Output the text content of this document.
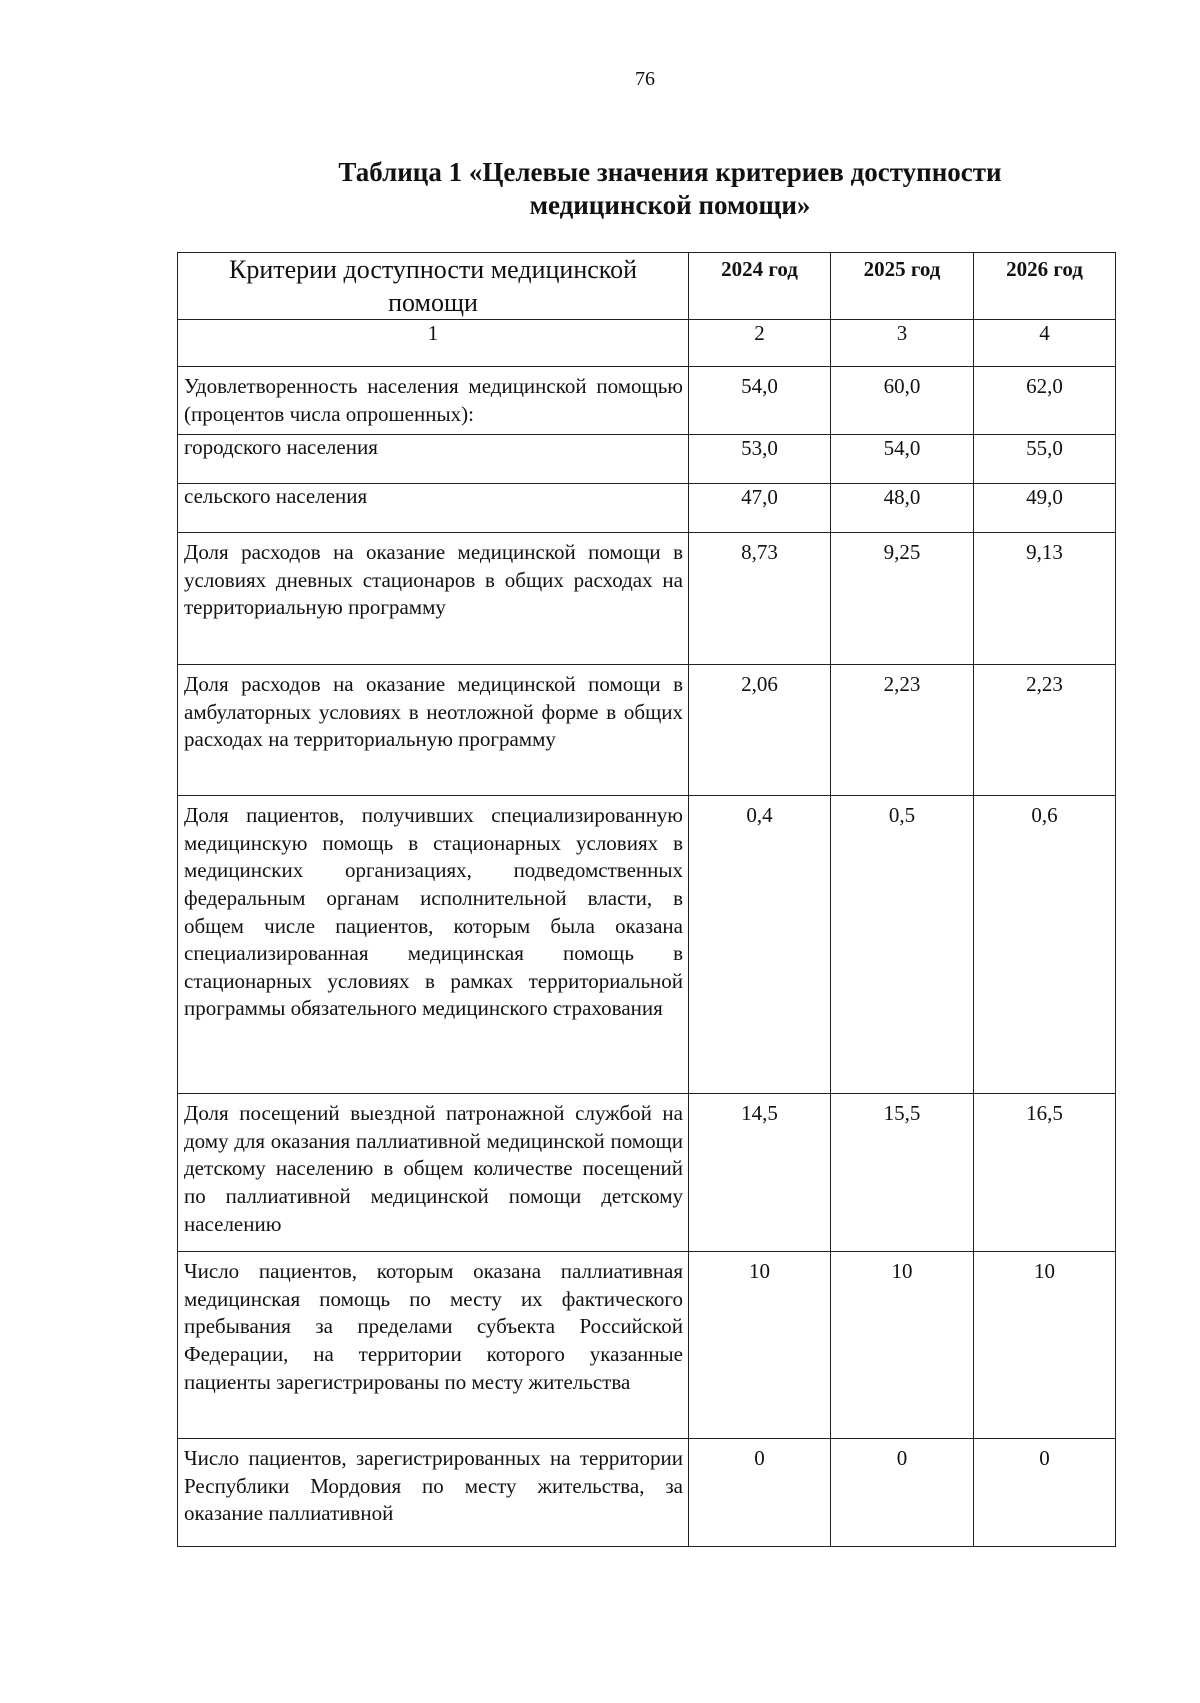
76
Таблица 1 «Целевые значения критериев доступности
медицинской помощи»
Критерии доступности медицинской помощи	2024 год	2025 год	2026 год
1	2	3	4
Удовлетворенность населения медицинской помощью (процентов числа опрошенных):	54,0	60,0	62,0
городского населения	53,0	54,0	55,0
сельского населения	47,0	48,0	49,0
Доля расходов на оказание медицинской помощи в условиях дневных стационаров в общих расходах на территориальную программу	8,73	9,25	9,13
Доля расходов на оказание медицинской помощи в амбулаторных условиях в неотложной форме в общих расходах на территориальную программу	2,06	2,23	2,23
Доля пациентов, получивших специализированную медицинскую помощь в стационарных условиях в медицинских организациях, подведомственных федеральным органам исполнительной власти, в общем числе пациентов, которым была оказана специализированная медицинская помощь в стационарных условиях в рамках территориальной программы обязательного медицинского страхования	0,4	0,5	0,6
Доля посещений выездной патронажной службой на дому для оказания паллиативной медицинской помощи детскому населению в общем количестве посещений по паллиативной медицинской помощи детскому населению	14,5	15,5	16,5
Число пациентов, которым оказана паллиативная медицинская помощь по месту их фактического пребывания за пределами субъекта Российской Федерации, на территории которого указанные пациенты зарегистрированы по месту жительства	10	10	10
Число пациентов, зарегистрированных на территории Республики Мордовия по месту жительства, за оказание паллиативной	0	0	0
